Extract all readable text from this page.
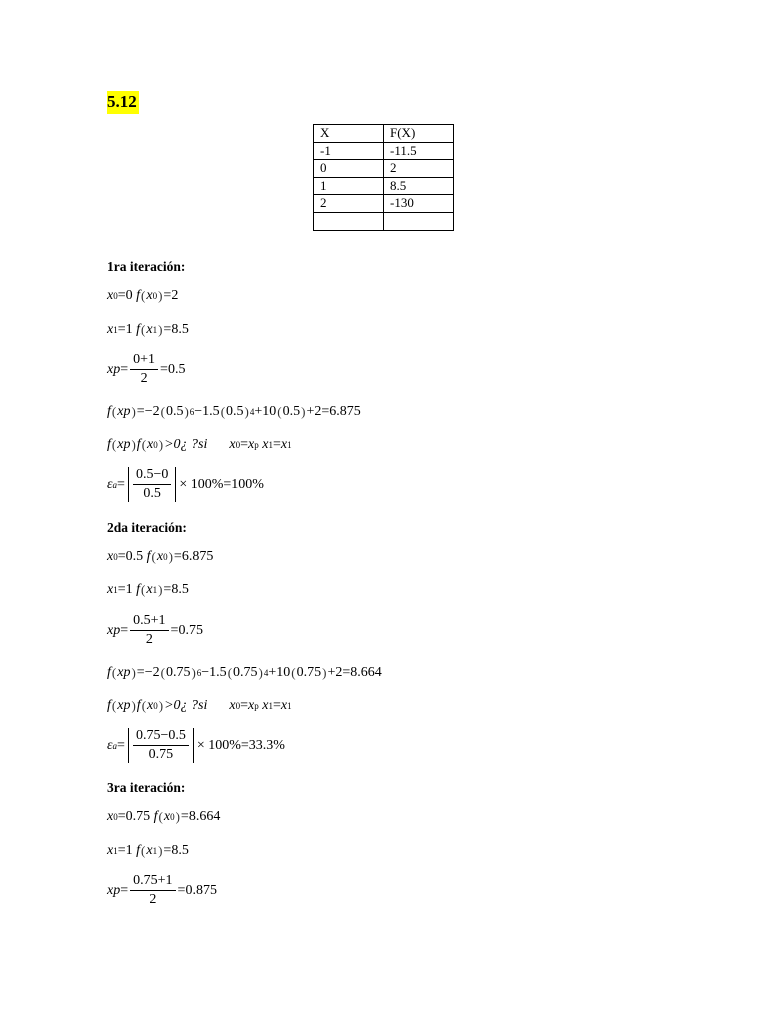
5.12
X	F(X)
-1	-11.5
0	2
1	8.5
2	-130

1ra iteración:
x 0 = 0
f ( x 0 ) = 2
x 1 = 1
f ( x 1 ) = 8.5
xp = $\frac{0+1}{2} = 0.5$
f ( xp ) =−2 ( 0.5 ) 6 −1.5 ( 0.5 ) 4 +10 ( 0.5 ) +2= 6.875
f ( xp ) f ( x 0 ) >0¿ ?si x 0 = x p
x 1 = x 1
ε $a = \frac{0.5-0}{0.5} \times 100\%=100\%$
2da iteración:
x 0 = 0.5
f ( x 0 ) = 6.875
x 1 = 1
f ( x 1 ) = 8.5
xp = $\frac{0.5+1}{2} = 0.75$
f ( xp ) =−2 ( 0.75 ) 6 −1.5 ( 0.75 ) 4 +10 ( 0.75 ) +2= 8.664
f ( xp ) f ( x 0 ) >0¿ ?si x 0 = x p
x 1 = x 1
ε $a = \frac{0.75-0.5}{0.75} \times 100\%=33.3\%$
3ra iteración:
x 0 = 0.75
f ( x 0 ) = 8.664
x 1 = 1
f ( x 1 ) = 8.5
xp = $\frac{0.75+1}{2} = 0.875$
